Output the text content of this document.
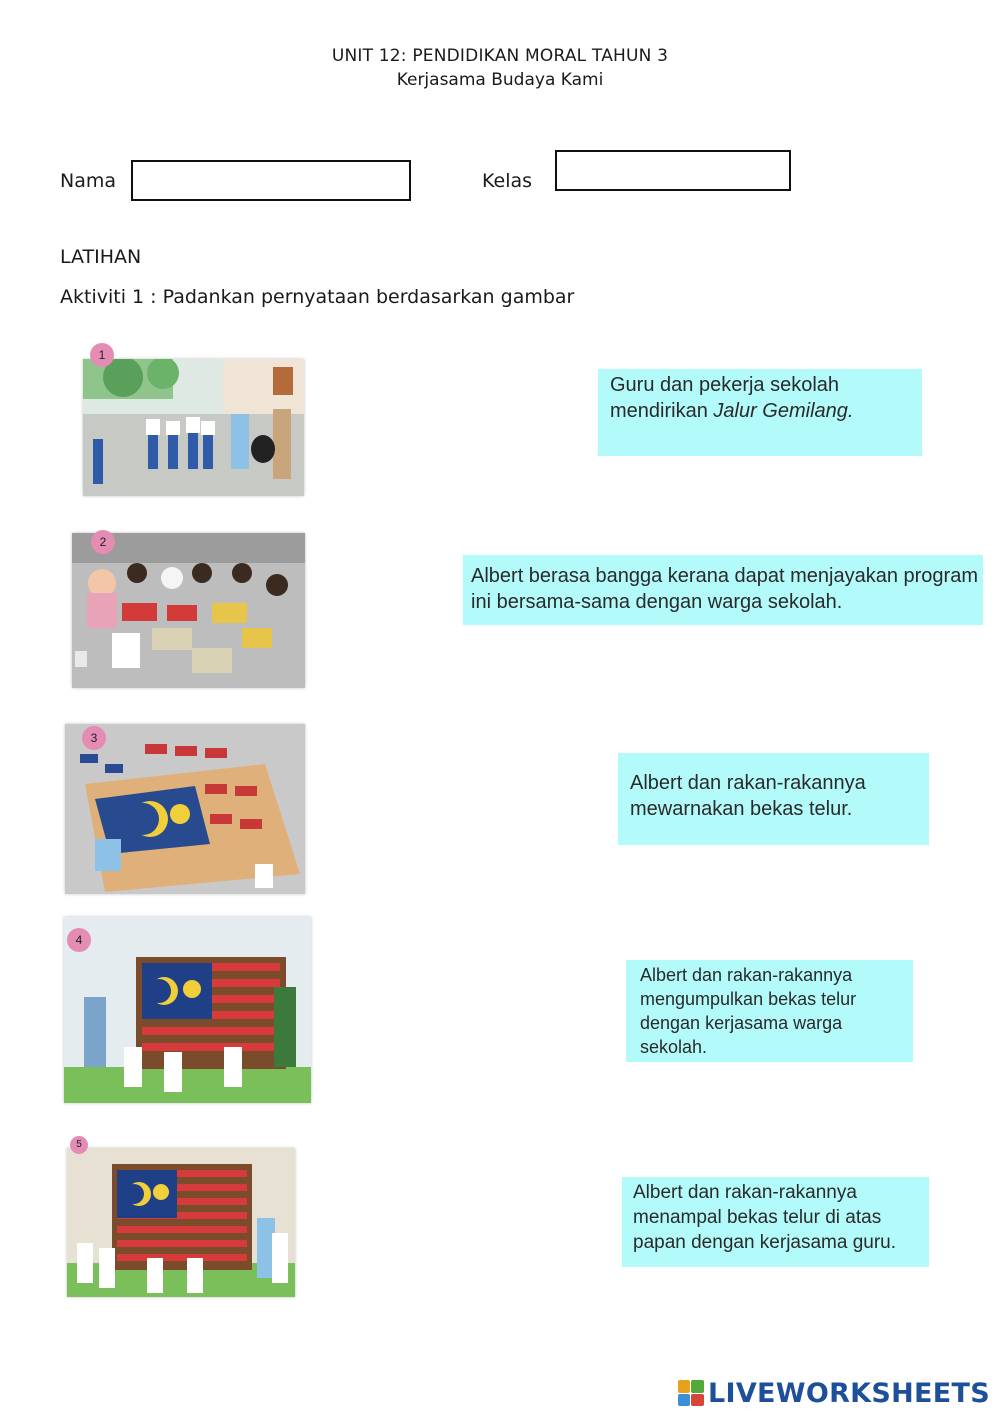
UNIT 12: PENDIDIKAN MORAL TAHUN 3
Kerjasama Budaya Kami
Nama	Kelas
LATIHAN
Aktiviti 1 : Padankan pernyataan berdasarkan gambar
1
2
3
4
5
Guru dan pekerja sekolah
mendirikan Jalur Gemilang.
Albert berasa bangga kerana dapat menjayakan program
ini bersama-sama dengan warga sekolah.
Albert dan rakan-rakannya
mewarnakan bekas telur.
Albert dan rakan-rakannya
mengumpulkan bekas telur
dengan kerjasama warga
sekolah.
Albert dan rakan-rakannya
menampal bekas telur di atas
papan dengan kerjasama guru.
LIVEWORKSHEETS
